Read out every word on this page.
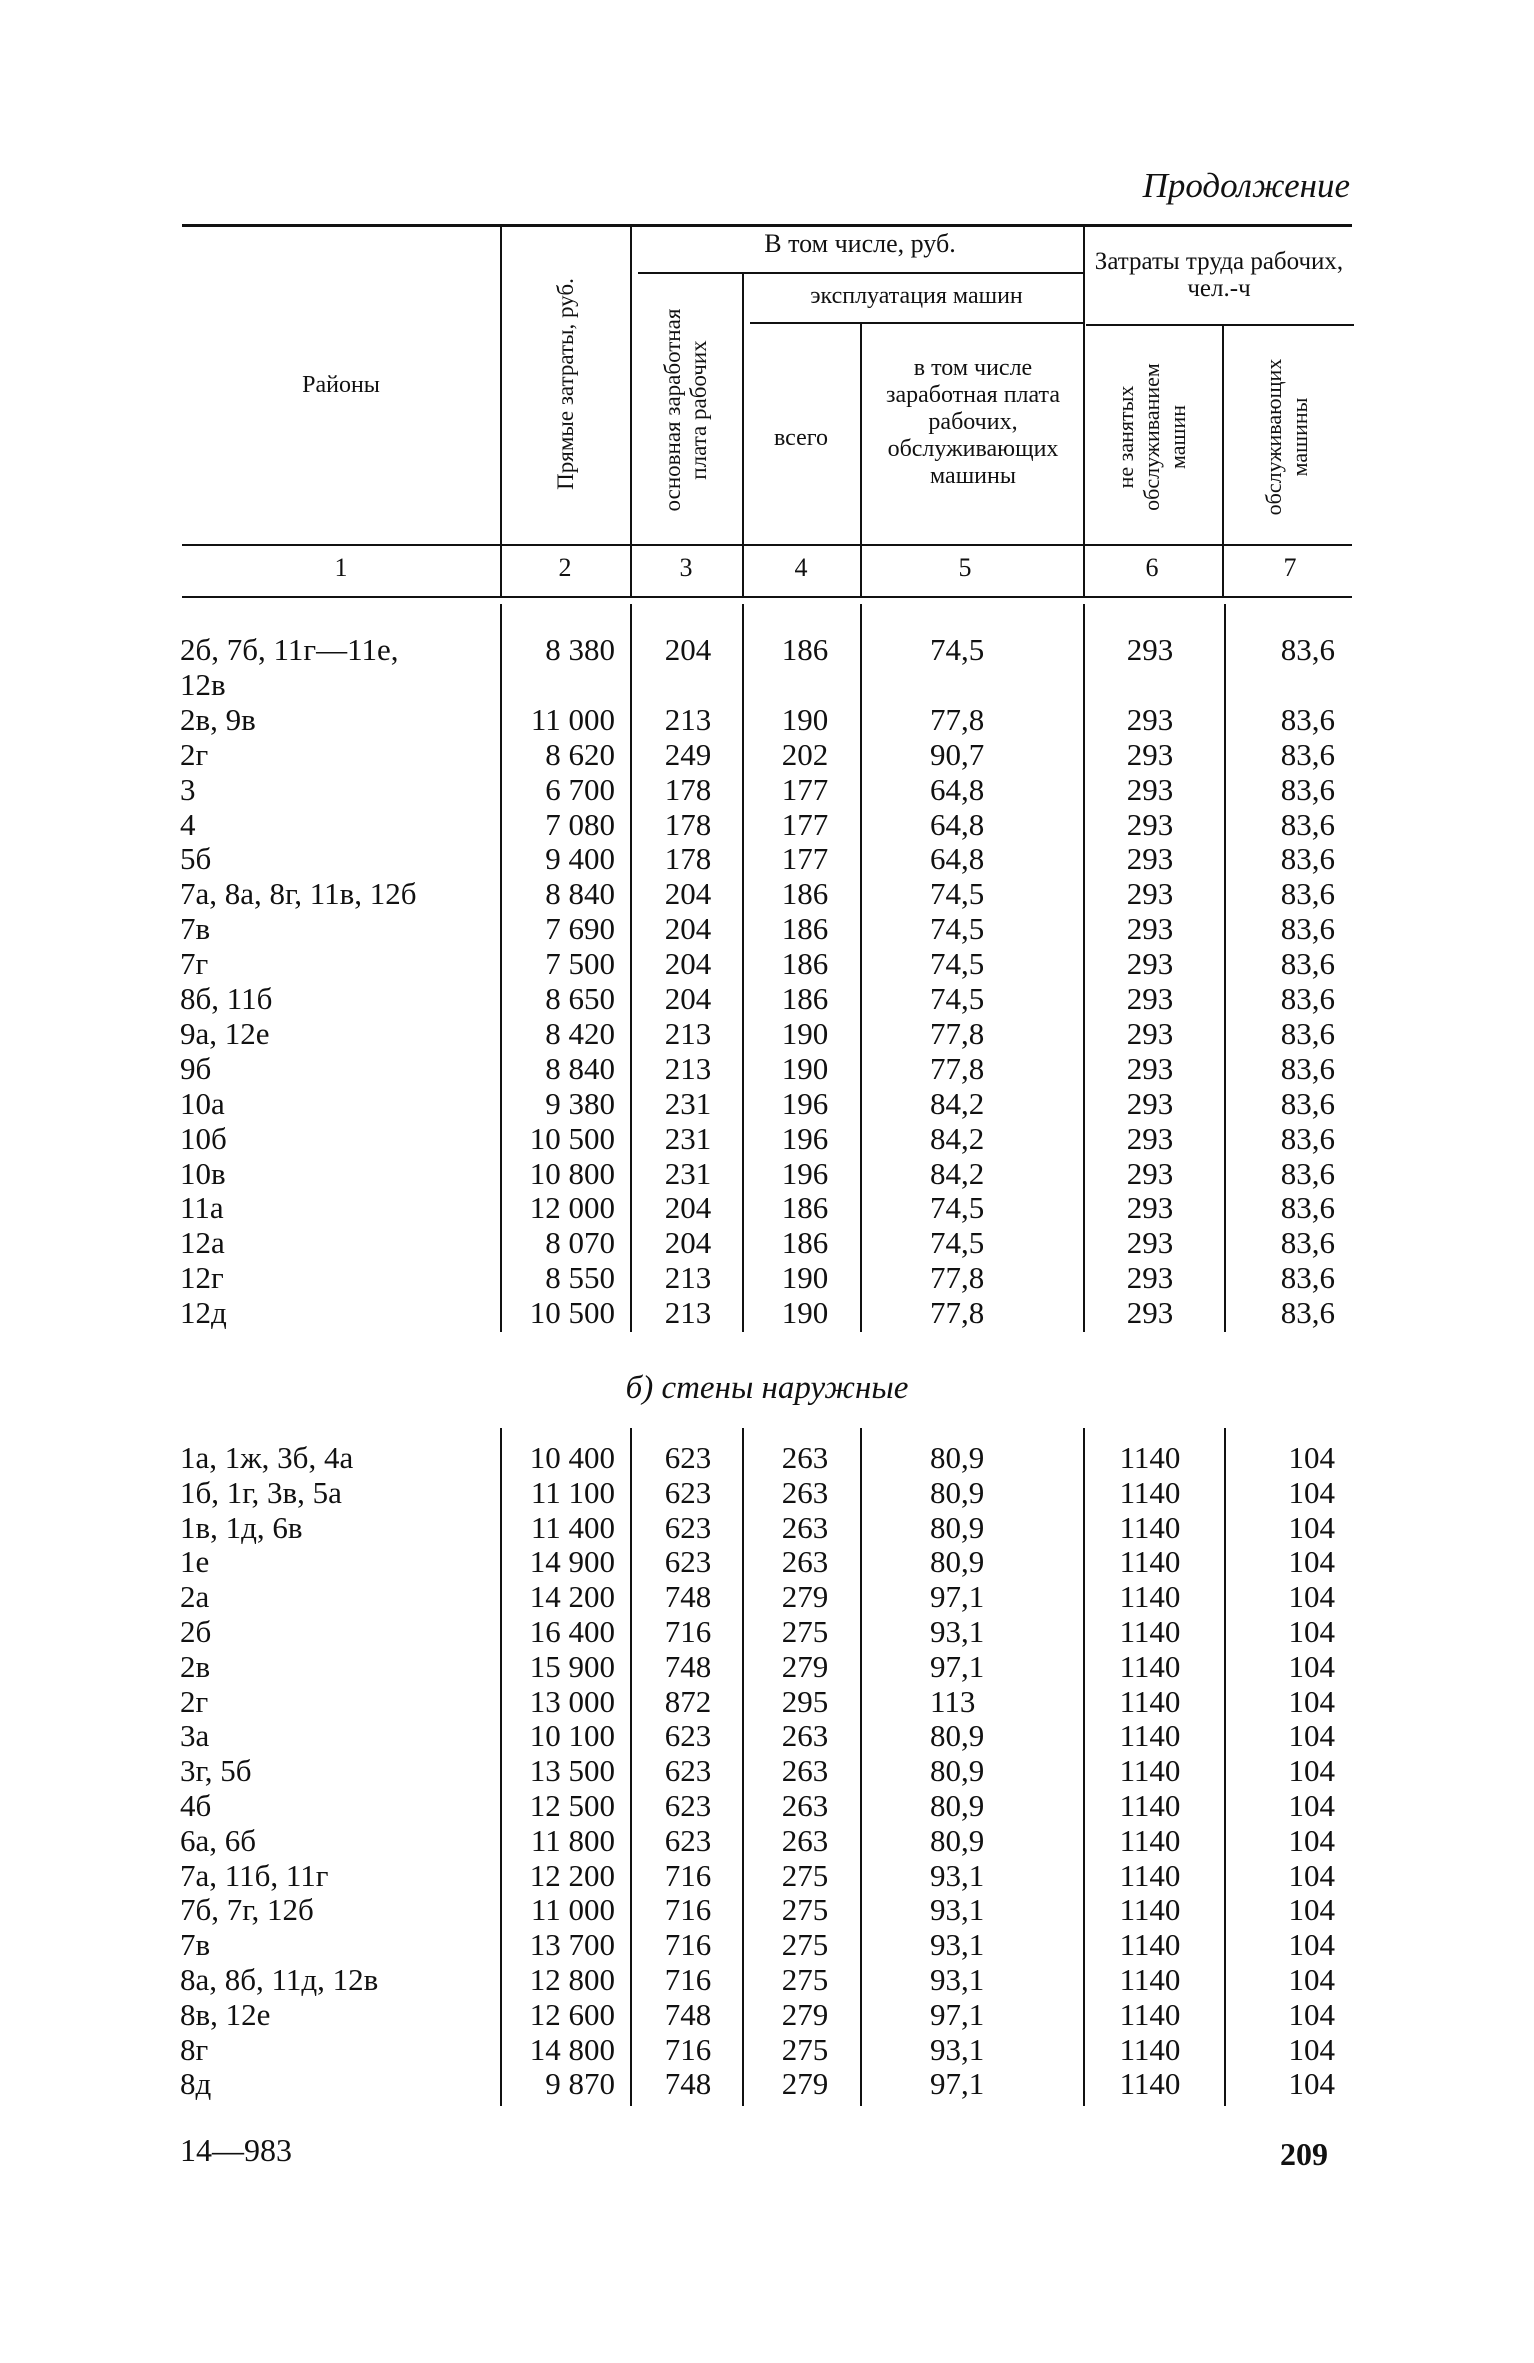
Продолжение
Районы	Прямые затраты, руб.
В том числе, руб.
основная заработная плата рабочих
эксплуатация машин
всего
в том числе заработная плата рабочих, обслуживающих машины
Затраты труда рабочих, чел.-ч
не занятых обслуживанием машин	обслуживающих машины
1	2	3	4	5	6	7
2б, 7б, 11г—11е,	8 380	204	186	74,5	293	83,6
12в
2в, 9в	11 000	213	190	77,8	293	83,6
2г	8 620	249	202	90,7	293	83,6
3	6 700	178	177	64,8	293	83,6
4	7 080	178	177	64,8	293	83,6
5б	9 400	178	177	64,8	293	83,6
7а, 8а, 8г, 11в, 12б	8 840	204	186	74,5	293	83,6
7в	7 690	204	186	74,5	293	83,6
7г	7 500	204	186	74,5	293	83,6
8б, 11б	8 650	204	186	74,5	293	83,6
9а, 12е	8 420	213	190	77,8	293	83,6
9б	8 840	213	190	77,8	293	83,6
10а	9 380	231	196	84,2	293	83,6
10б	10 500	231	196	84,2	293	83,6
10в	10 800	231	196	84,2	293	83,6
11а	12 000	204	186	74,5	293	83,6
12а	8 070	204	186	74,5	293	83,6
12г	8 550	213	190	77,8	293	83,6
12д	10 500	213	190	77,8	293	83,6
б) стены наружные
1а, 1ж, 3б, 4а	10 400	623	263	80,9	1140	104
1б, 1г, 3в, 5а	11 100	623	263	80,9	1140	104
1в, 1д, 6в	11 400	623	263	80,9	1140	104
1е	14 900	623	263	80,9	1140	104
2а	14 200	748	279	97,1	1140	104
2б	16 400	716	275	93,1	1140	104
2в	15 900	748	279	97,1	1140	104
2г	13 000	872	295	113	1140	104
3а	10 100	623	263	80,9	1140	104
3г, 5б	13 500	623	263	80,9	1140	104
4б	12 500	623	263	80,9	1140	104
6а, 6б	11 800	623	263	80,9	1140	104
7а, 11б, 11г	12 200	716	275	93,1	1140	104
7б, 7г, 12б	11 000	716	275	93,1	1140	104
7в	13 700	716	275	93,1	1140	104
8а, 8б, 11д, 12в	12 800	716	275	93,1	1140	104
8в, 12е	12 600	748	279	97,1	1140	104
8г	14 800	716	275	93,1	1140	104
8д	9 870	748	279	97,1	1140	104
14—983	209
